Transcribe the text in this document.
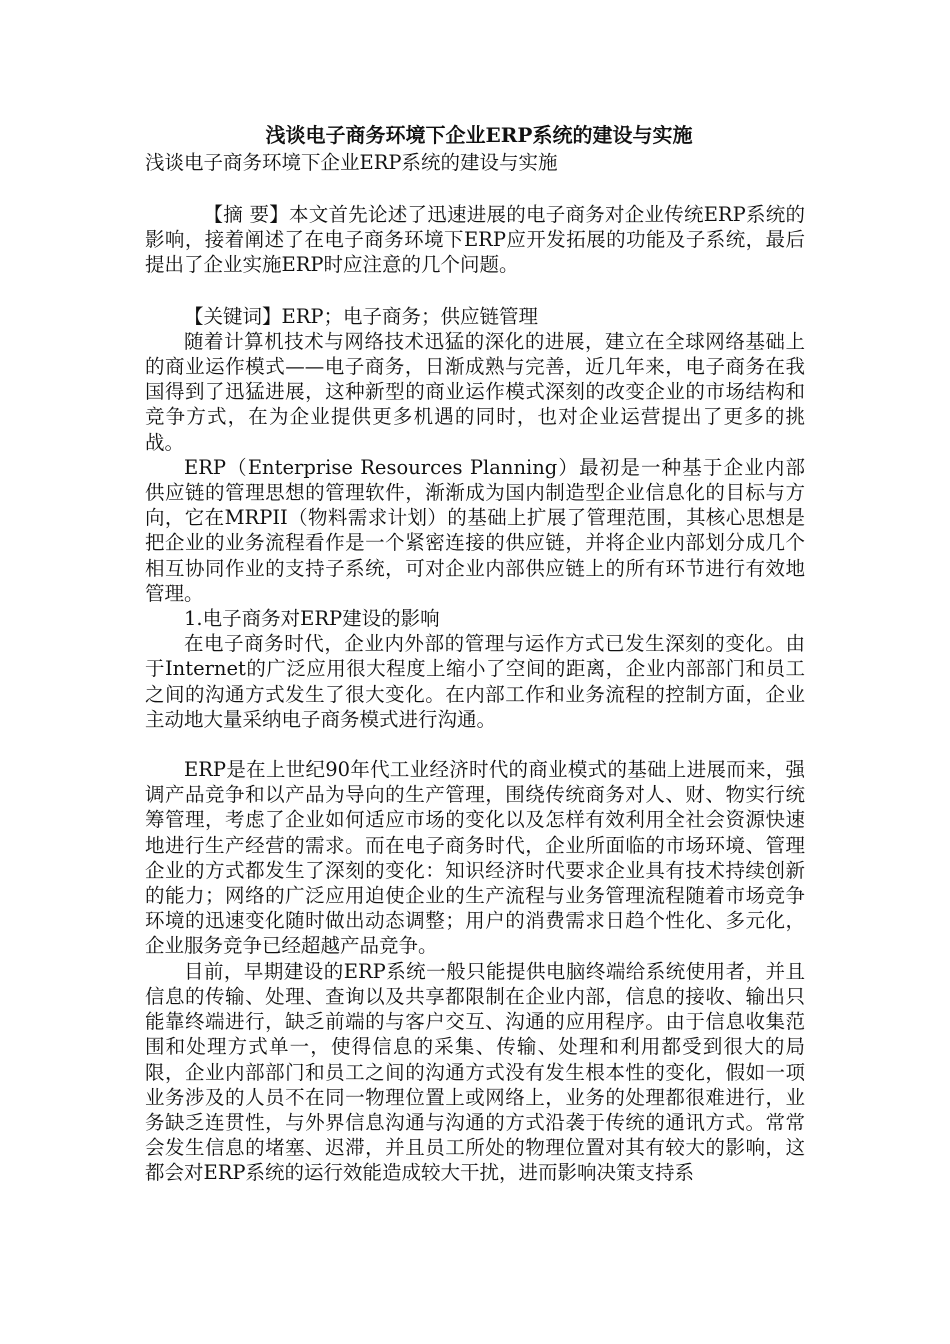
浅谈电子商务环境下企业ERP系统的建设与实施

浅谈电子商务环境下企业ERP系统的建设与实施

【摘 要】本文首先论述了迅速进展的电子商务对企业传统ERP系统的影响，接着阐述了在电子商务环境下ERP应开发拓展的功能及子系统，最后提出了企业实施ERP时应注意的几个问题。

【关键词】ERP；电子商务；供应链管理

随着计算机技术与网络技术迅猛的深化的进展，建立在全球网络基础上的商业运作模式——电子商务，日渐成熟与完善，近几年来，电子商务在我国得到了迅猛进展，这种新型的商业运作模式深刻的改变企业的市场结构和竞争方式，在为企业提供更多机遇的同时，也对企业运营提出了更多的挑战。

ERP（Enterprise Resources Planning）最初是一种基于企业内部供应链的管理思想的管理软件，渐渐成为国内制造型企业信息化的目标与方向，它在MRPII（物料需求计划）的基础上扩展了管理范围，其核心思想是把企业的业务流程看作是一个紧密连接的供应链，并将企业内部划分成几个相互协同作业的支持子系统，可对企业内部供应链上的所有环节进行有效地管理。

1.电子商务对ERP建设的影响

在电子商务时代，企业内外部的管理与运作方式已发生深刻的变化。由于Internet的广泛应用很大程度上缩小了空间的距离，企业内部部门和员工之间的沟通方式发生了很大变化。在内部工作和业务流程的控制方面，企业主动地大量采纳电子商务模式进行沟通。

ERP是在上世纪90年代工业经济时代的商业模式的基础上进展而来，强调产品竞争和以产品为导向的生产管理，围绕传统商务对人、财、物实行统筹管理，考虑了企业如何适应市场的变化以及怎样有效利用全社会资源快速地进行生产经营的需求。而在电子商务时代，企业所面临的市场环境、管理企业的方式都发生了深刻的变化：知识经济时代要求企业具有技术持续创新的能力；网络的广泛应用迫使企业的生产流程与业务管理流程随着市场竞争环境的迅速变化随时做出动态调整；用户的消费需求日趋个性化、多元化，企业服务竞争已经超越产品竞争。

目前，早期建设的ERP系统一般只能提供电脑终端给系统使用者，并且信息的传输、处理、查询以及共享都限制在企业内部，信息的接收、输出只能靠终端进行，缺乏前端的与客户交互、沟通的应用程序。由于信息收集范围和处理方式单一，使得信息的采集、传输、处理和利用都受到很大的局限，企业内部部门和员工之间的沟通方式没有发生根本性的变化，假如一项业务涉及的人员不在同一物理位置上或网络上，业务的处理都很难进行，业务缺乏连贯性，与外界信息沟通与沟通的方式沿袭于传统的通讯方式。常常会发生信息的堵塞、迟滞，并且员工所处的物理位置对其有较大的影响，这都会对ERP系统的运行效能造成较大干扰，进而影响决策支持系
